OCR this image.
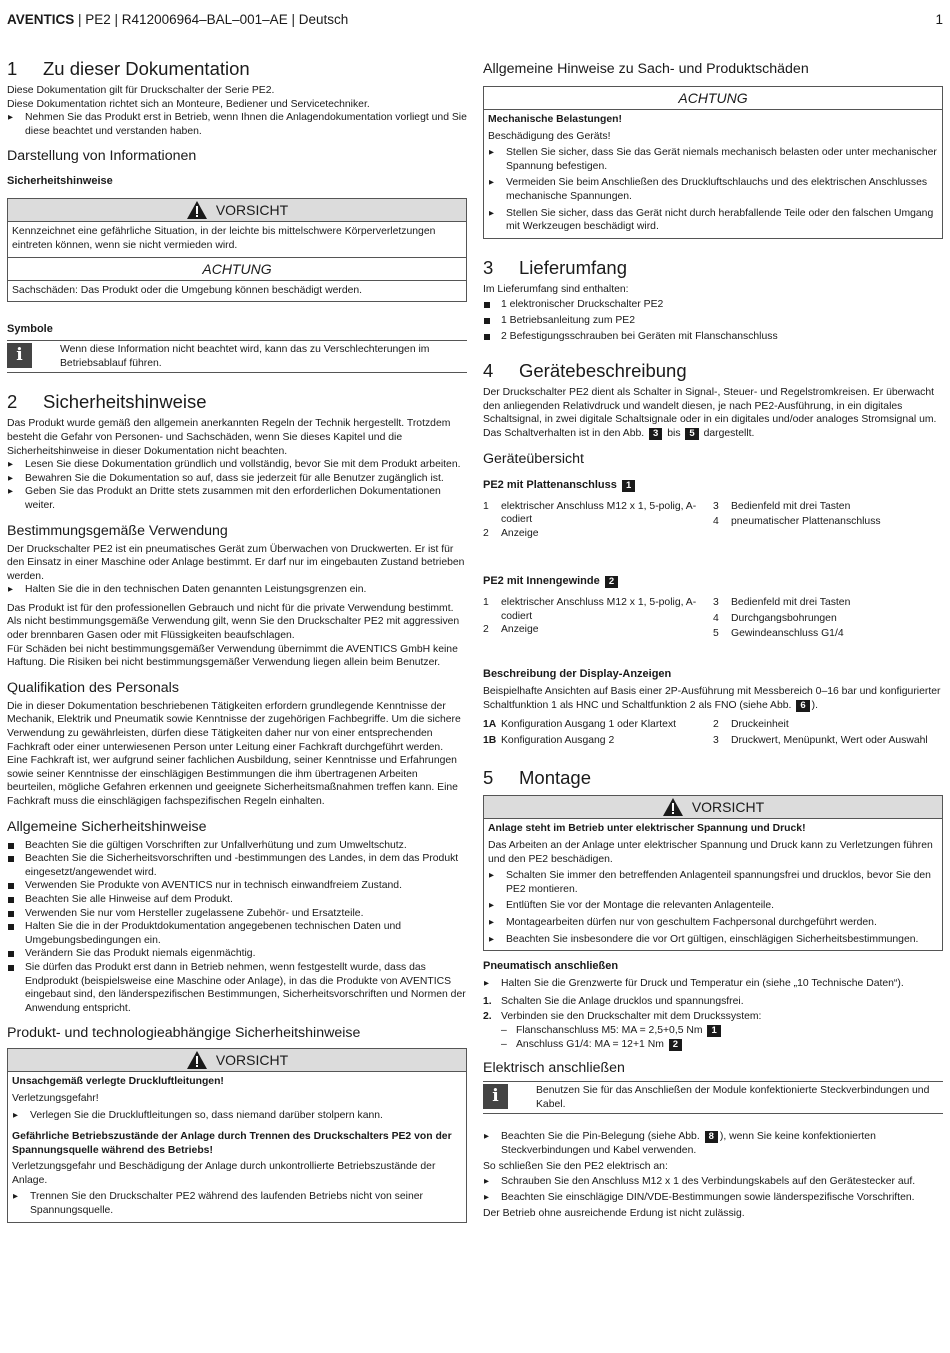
AVENTICS | PE2 | R412006964–BAL–001–AE | Deutsch	1
1	Zu dieser Dokumentation

Diese Dokumentation gilt für Druckschalter der Serie PE2.

Diese Dokumentation richtet sich an Monteure, Bediener und Servicetechniker.

▶ Nehmen Sie das Produkt erst in Betrieb, wenn Ihnen die Anlagendokumentation vorliegt und Sie diese beachtet und verstanden haben.
Darstellung von Informationen
Sicherheitshinweise
VORSICHT
Kennzeichnet eine gefährliche Situation, in der leichte bis mittelschwere Körperverletzungen eintreten können, wenn sie nicht vermieden wird.
ACHTUNG
Sachschäden: Das Produkt oder die Umgebung können beschädigt werden.
Symbole
i	Wenn diese Information nicht beachtet wird, kann das zu Verschlechterungen im Betriebsablauf führen.
2	Sicherheitshinweise

Das Produkt wurde gemäß den allgemein anerkannten Regeln der Technik hergestellt. Trotzdem besteht die Gefahr von Personen- und Sachschäden, wenn Sie dieses Kapitel und die Sicherheitshinweise in dieser Dokumentation nicht beachten.

▶ Lesen Sie diese Dokumentation gründlich und vollständig, bevor Sie mit dem Produkt arbeiten.
▶ Bewahren Sie die Dokumentation so auf, dass sie jederzeit für alle Benutzer zugänglich ist.
▶ Geben Sie das Produkt an Dritte stets zusammen mit den erforderlichen Dokumentationen weiter.
Bestimmungsgemäße Verwendung

Der Druckschalter PE2 ist ein pneumatisches Gerät zum Überwachen von Druckwerten. Er ist für den Einsatz in einer Maschine oder Anlage bestimmt. Er darf nur im eingebauten Zustand betrieben werden.

▶ Halten Sie die in den technischen Daten genannten Leistungsgrenzen ein.

Das Produkt ist für den professionellen Gebrauch und nicht für die private Verwendung bestimmt.

Als nicht bestimmungsgemäße Verwendung gilt, wenn Sie den Druckschalter PE2 mit aggressiven oder brennbaren Gasen oder mit Flüssigkeiten beaufschlagen.

Für Schäden bei nicht bestimmungsgemäßer Verwendung übernimmt die AVENTICS GmbH keine Haftung. Die Risiken bei nicht bestimmungsgemäßer Verwendung liegen allein beim Benutzer.

Qualifikation des Personals

Die in dieser Dokumentation beschriebenen Tätigkeiten erfordern grundlegende Kenntnisse der Mechanik, Elektrik und Pneumatik sowie Kenntnisse der zugehörigen Fachbegriffe. Um die sichere Verwendung zu gewährleisten, dürfen diese Tätigkeiten daher nur von einer entsprechenden Fachkraft oder einer unterwiesenen Person unter Leitung einer Fachkraft durchgeführt werden.

Eine Fachkraft ist, wer aufgrund seiner fachlichen Ausbildung, seiner Kenntnisse und Erfahrungen sowie seiner Kenntnisse der einschlägigen Bestimmungen die ihm übertragenen Arbeiten beurteilen, mögliche Gefahren erkennen und geeignete Sicherheitsmaßnahmen treffen kann. Eine Fachkraft muss die einschlägigen fachspezifischen Regeln einhalten.

Allgemeine Sicherheitshinweise
Beachten Sie die gültigen Vorschriften zur Unfallverhütung und zum Umweltschutz.
Beachten Sie die Sicherheitsvorschriften und -bestimmungen des Landes, in dem das Produkt eingesetzt/angewendet wird.
Verwenden Sie Produkte von AVENTICS nur in technisch einwandfreiem Zustand.
Beachten Sie alle Hinweise auf dem Produkt.
Verwenden Sie nur vom Hersteller zugelassene Zubehör- und Ersatzteile.
Halten Sie die in der Produktdokumentation angegebenen technischen Daten und Umgebungsbedingungen ein.
Verändern Sie das Produkt niemals eigenmächtig.
Sie dürfen das Produkt erst dann in Betrieb nehmen, wenn festgestellt wurde, dass das Endprodukt (beispielsweise eine Maschine oder Anlage), in das die Produkte von AVENTICS eingebaut sind, den länderspezifischen Bestimmungen, Sicherheitsvorschriften und Normen der Anwendung entspricht.
Produkt- und technologieabhängige Sicherheitshinweise
VORSICHT

Unsachgemäß verlegte Druckluftleitungen!

Verletzungsgefahr!

▶ Verlegen Sie die Druckluftleitungen so, dass niemand darüber stolpern kann.

Gefährliche Betriebszustände der Anlage durch Trennen des Druckschalters PE2 von der Spannungsquelle während des Betriebs!

Verletzungsgefahr und Beschädigung der Anlage durch unkontrollierte Betriebszustände der Anlage.

▶ Trennen Sie den Druckschalter PE2 während des laufenden Betriebs nicht von seiner Spannungsquelle.
Allgemeine Hinweise zu Sach- und Produktschäden
ACHTUNG

Mechanische Belastungen!

Beschädigung des Geräts!

▶ Stellen Sie sicher, dass Sie das Gerät niemals mechanisch belasten oder unter mechanischer Spannung befestigen.
▶ Vermeiden Sie beim Anschließen des Druckluftschlauchs und des elektrischen Anschlusses mechanische Spannungen.
▶ Stellen Sie sicher, dass das Gerät nicht durch herabfallende Teile oder den falschen Umgang mit Werkzeugen beschädigt wird.
3	Lieferumfang

Im Lieferumfang sind enthalten:

1 elektronischer Druckschalter PE2
1 Betriebsanleitung zum PE2
2 Befestigungsschrauben bei Geräten mit Flanschanschluss
4	Gerätebeschreibung

Der Druckschalter PE2 dient als Schalter in Signal-, Steuer- und Regelstromkreisen. Er überwacht den anliegenden Relativdruck und wandelt diesen, je nach PE2-Ausführung, in ein digitales Schaltsignal, in zwei digitale Schaltsignale oder in ein digitales und/oder analoges Stromsignal um. Das Schaltverhalten ist in den Abb. 3 bis 5 dargestellt.

Geräteübersicht
PE2 mit Plattenanschluss 1
1	elektrischer Anschluss M12 x 1, 5-polig, A-codiert
2	Anzeige
3	Bedienfeld mit drei Tasten
4	pneumatischer Plattenanschluss
PE2 mit Innengewinde 2
1	elektrischer Anschluss M12 x 1, 5-polig, A-codiert
2	Anzeige
3	Bedienfeld mit drei Tasten
4	Durchgangsbohrungen
5	Gewindeanschluss G1/4
Beschreibung der Display-Anzeigen

Beispielhafte Ansichten auf Basis einer 2P-Ausführung mit Messbereich 0–16 bar und konfigurierter Schaltfunktion 1 als HNC und Schaltfunktion 2 als FNO (siehe Abb. 6 ).

1A Konfiguration Ausgang 1 oder Klartext
1B Konfiguration Ausgang 2
2	Druckeinheit
3	Druckwert, Menüpunkt, Wert oder Auswahl
5	Montage
VORSICHT

Anlage steht im Betrieb unter elektrischer Spannung und Druck!

Das Arbeiten an der Anlage unter elektrischer Spannung und Druck kann zu Verletzungen führen und den PE2 beschädigen.

▶ Schalten Sie immer den betreffenden Anlagenteil spannungsfrei und drucklos, bevor Sie den PE2 montieren.
▶ Entlüften Sie vor der Montage die relevanten Anlagenteile.
▶ Montagearbeiten dürfen nur von geschultem Fachpersonal durchgeführt werden.
▶ Beachten Sie insbesondere die vor Ort gültigen, einschlägigen Sicherheitsbestimmungen.
Pneumatisch anschließen
▶ Halten Sie die Grenzwerte für Druck und Temperatur ein (siehe „10 Technische Daten“).
1. Schalten Sie die Anlage drucklos und spannungsfrei.
2. Verbinden sie den Druckschalter mit dem Druckssystem:
– Flanschanschluss M5: MA = 2,5+0,5 Nm 1
– Anschluss G1/4: MA = 12+1 Nm 2
Elektrisch anschließen
i	Benutzen Sie für das Anschließen der Module konfektionierte Steckverbindungen und Kabel.
▶ Beachten Sie die Pin-Belegung (siehe Abb. 8 ), wenn Sie keine konfektionierten Steckverbindungen und Kabel verwenden.

So schließen Sie den PE2 elektrisch an:

▶ Schrauben Sie den Anschluss M12 x 1 des Verbindungskabels auf den Gerätestecker auf.
▶ Beachten Sie einschlägige DIN/VDE-Bestimmungen sowie länderspezifische Vorschriften.

Der Betrieb ohne ausreichende Erdung ist nicht zulässig.
